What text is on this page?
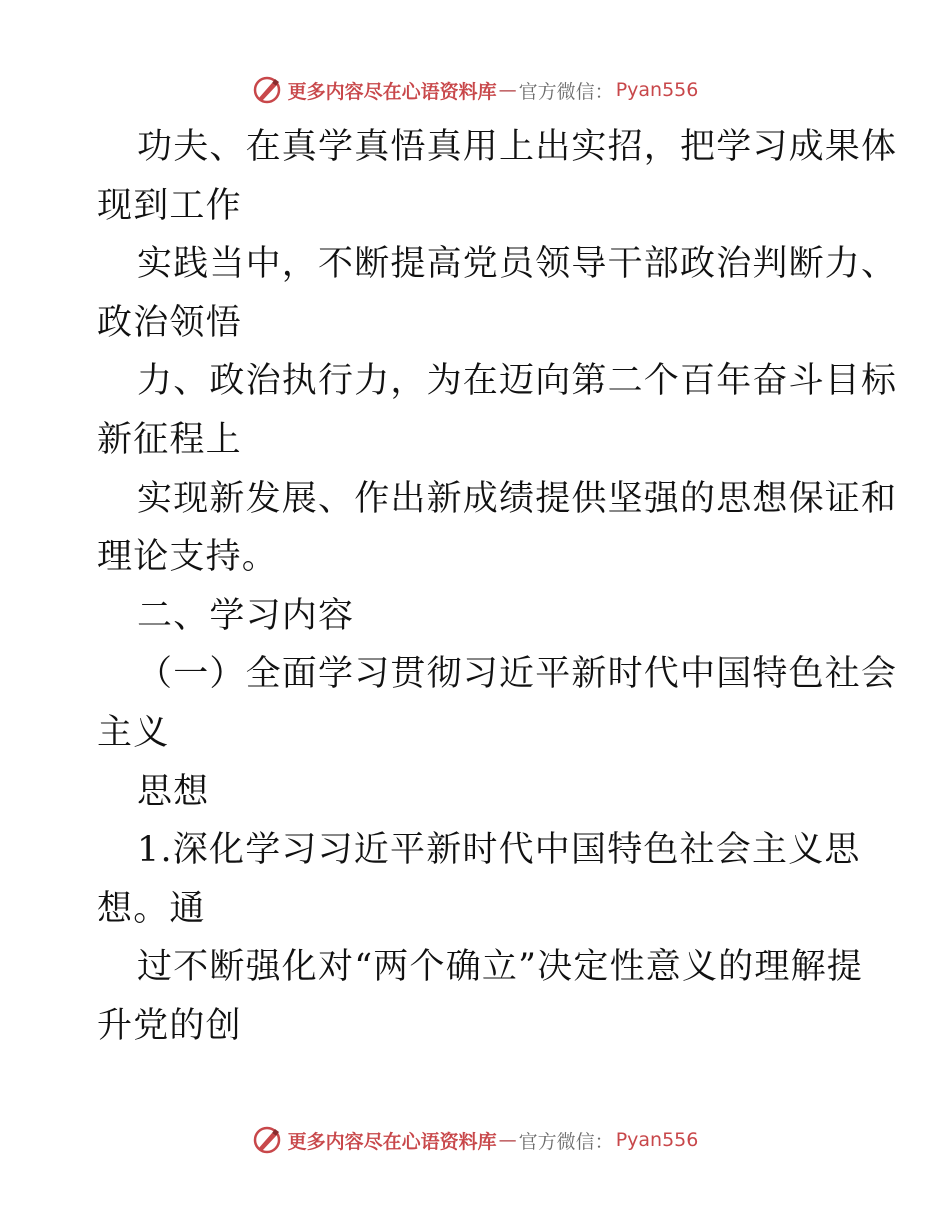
更多内容尽在心语资料库 — 官方微信： Pyan556
功夫、在真学真悟真用上出实招，把学习成果体
现到工作
实践当中，不断提高党员领导干部政治判断力、
政治领悟
力、政治执行力，为在迈向第二个百年奋斗目标
新征程上
实现新发展、作出新成绩提供坚强的思想保证和
理论支持。
二、学习内容
（一）全面学习贯彻习近平新时代中国特色社会
主义
思想
1.深化学习习近平新时代中国特色社会主义思
想。通
过不断强化对“两个确立”决定性意义的理解提
升党的创
更多内容尽在心语资料库 — 官方微信： Pyan556
